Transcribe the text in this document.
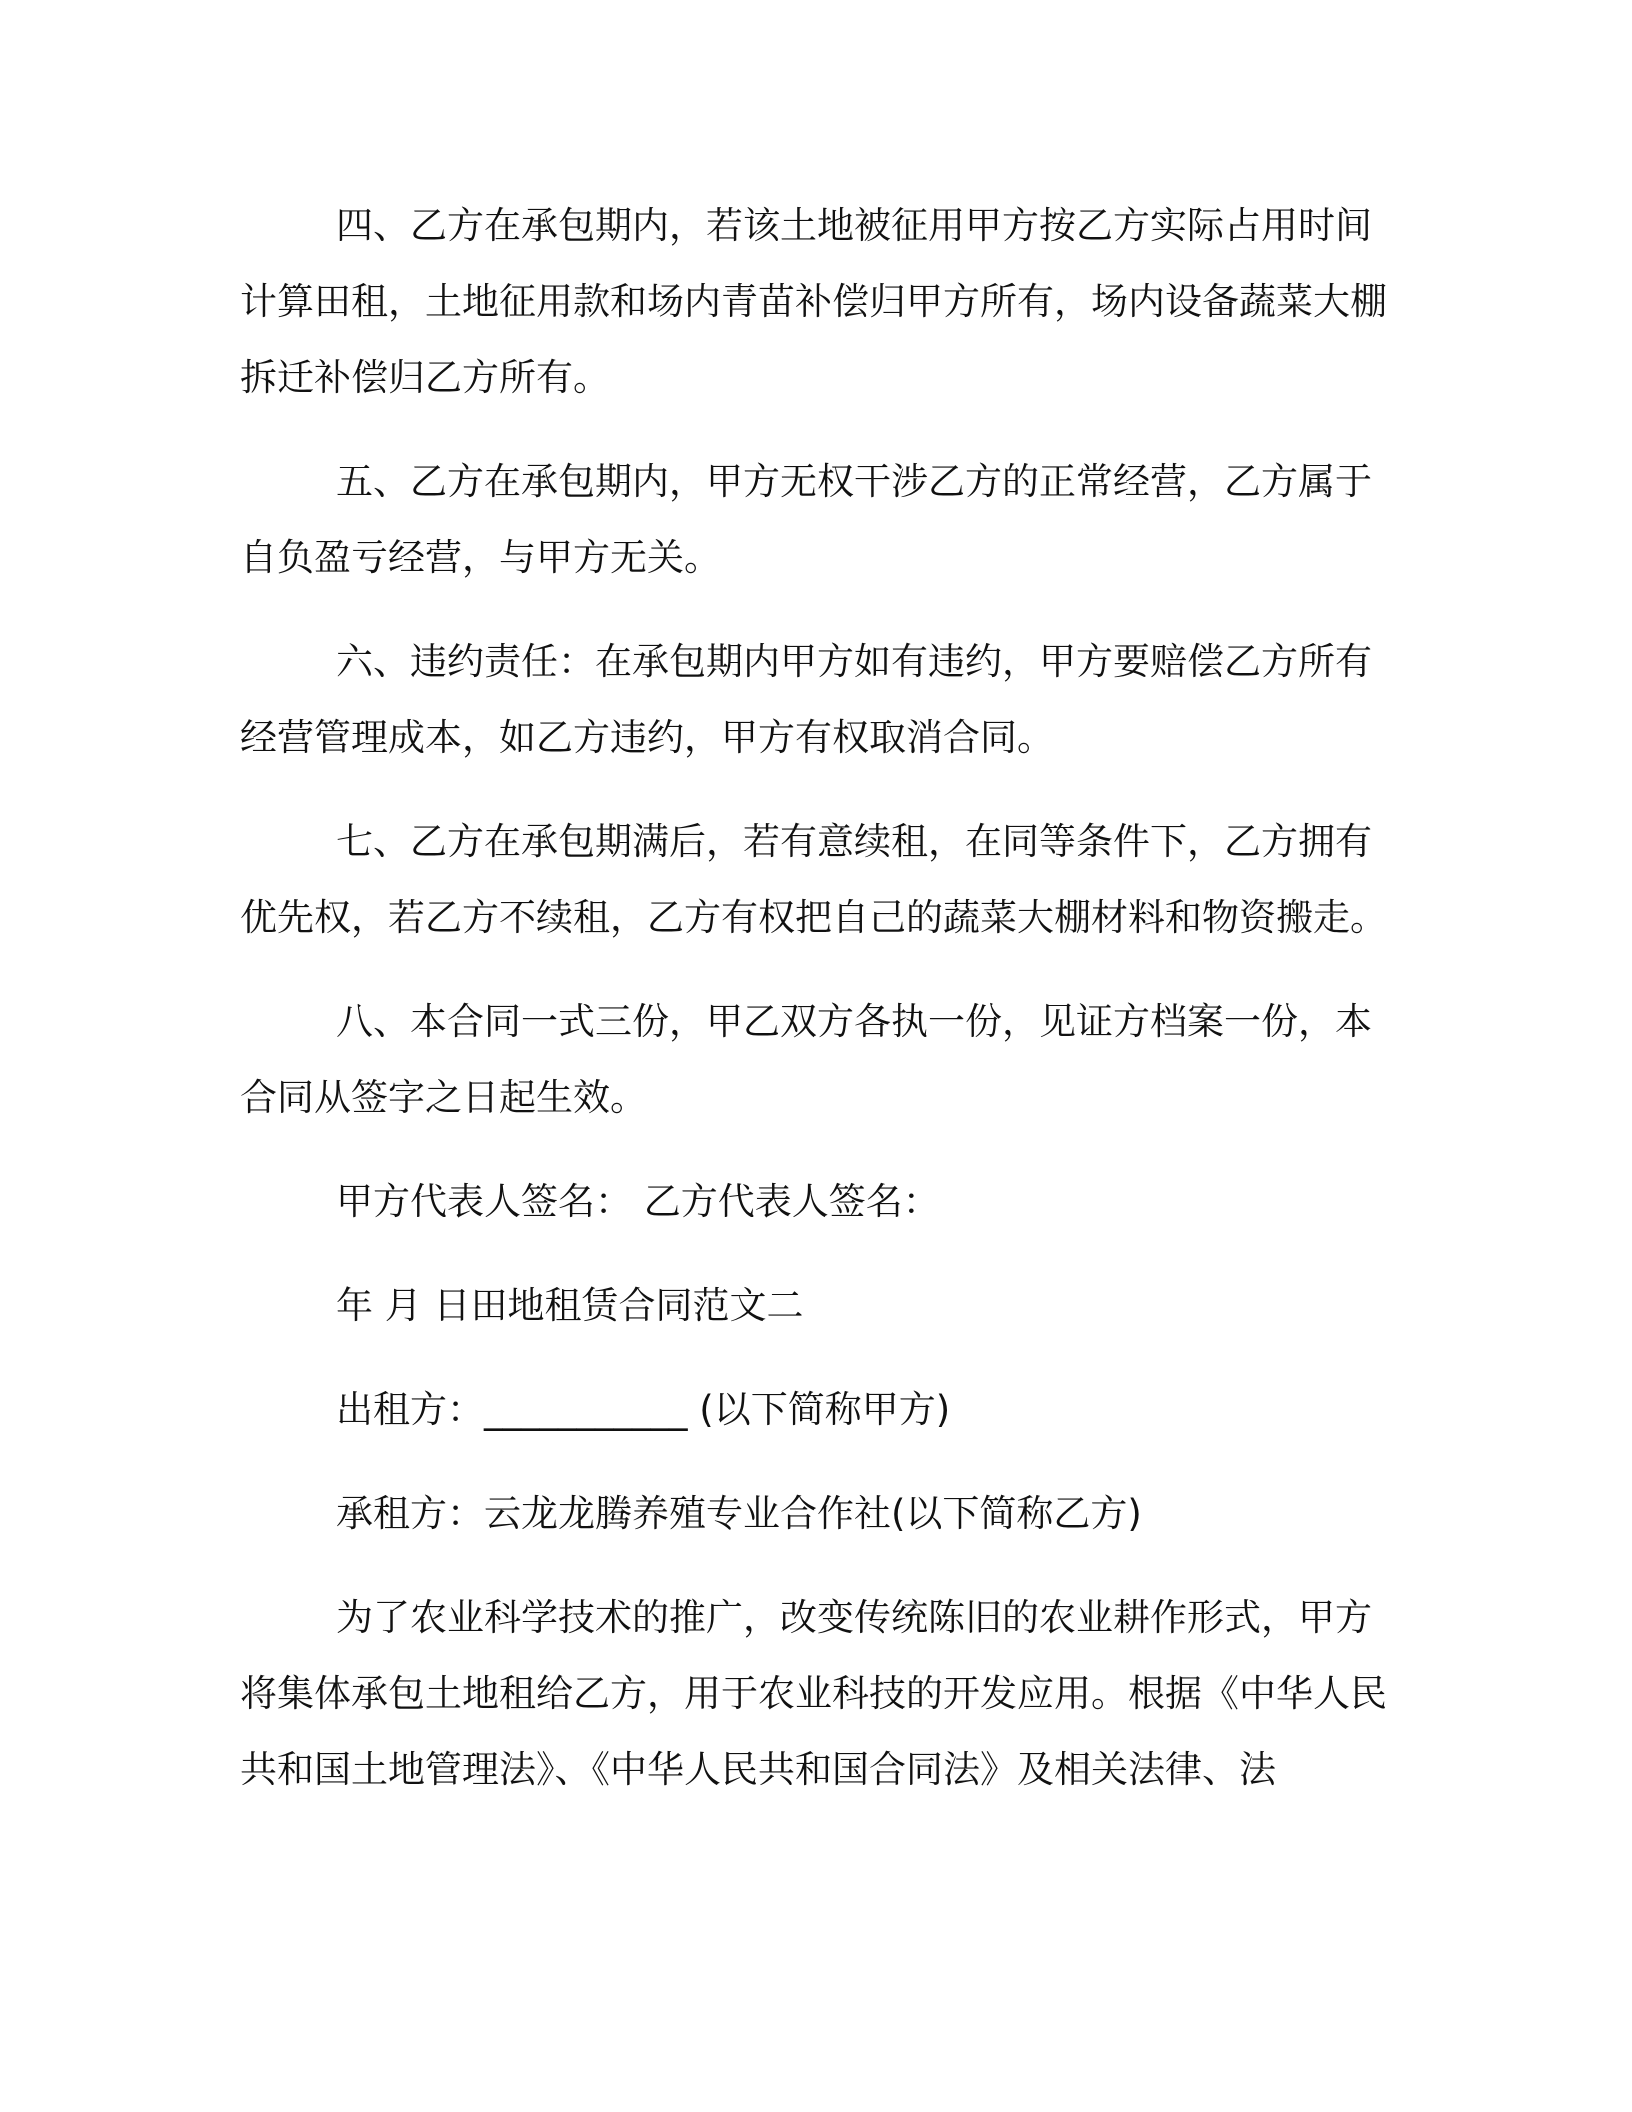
四、乙方在承包期内，若该土地被征用甲方按乙方实际占用时间计算田租，土地征用款和场内青苗补偿归甲方所有，场内设备蔬菜大棚拆迁补偿归乙方所有。

五、乙方在承包期内，甲方无权干涉乙方的正常经营，乙方属于自负盈亏经营，与甲方无关。

六、违约责任：在承包期内甲方如有违约，甲方要赔偿乙方所有经营管理成本，如乙方违约，甲方有权取消合同。

七、乙方在承包期满后，若有意续租，在同等条件下，乙方拥有优先权，若乙方不续租，乙方有权把自己的蔬菜大棚材料和物资搬走。

八、本合同一式三份，甲乙双方各执一份，见证方档案一份，本合同从签字之日起生效。

甲方代表人签名： 乙方代表人签名：

年 月 日田地租赁合同范文二

出租方：___________ (以下简称甲方)

承租方：云龙龙腾养殖专业合作社(以下简称乙方)

为了农业科学技术的推广，改变传统陈旧的农业耕作形式，甲方将集体承包土地租给乙方，用于农业科技的开发应用。根据《中华人民共和国土地管理法》、《中华人民共和国合同法》及相关法律、法
